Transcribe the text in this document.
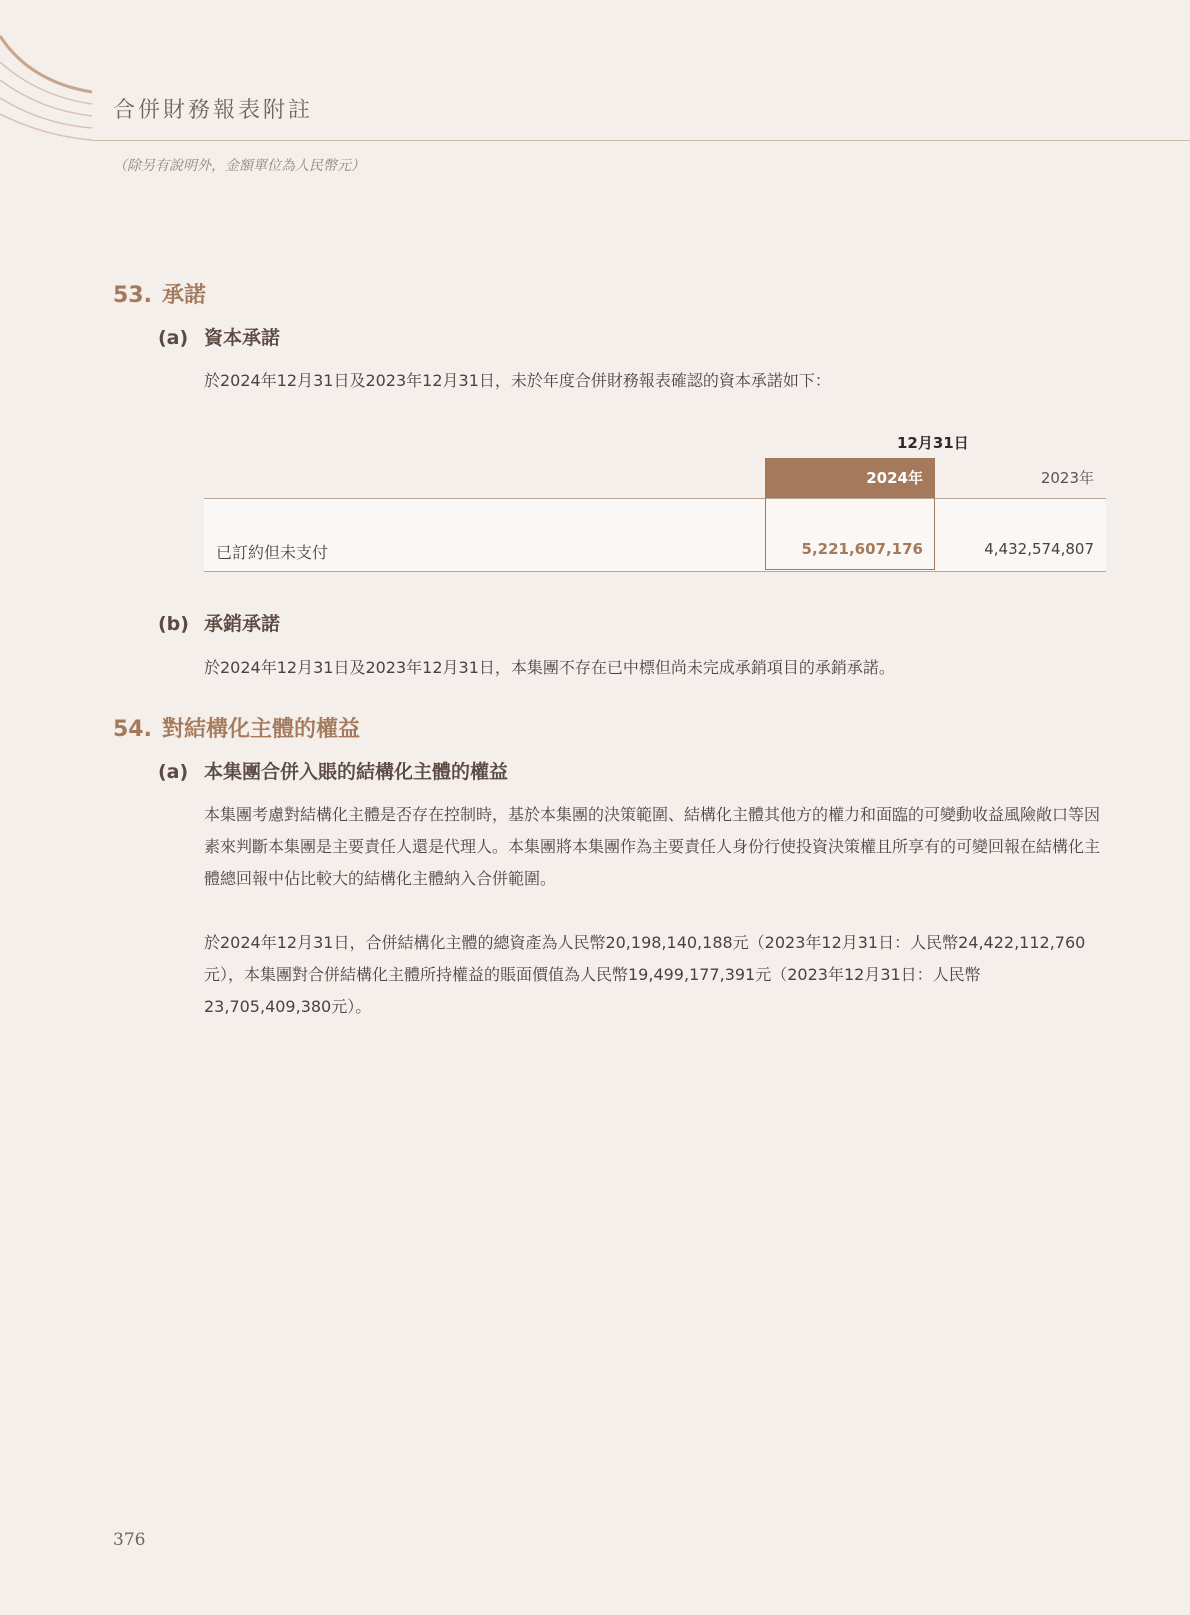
合併財務報表附註
（除另有說明外，金額單位為人民幣元）
53. 承諾
(a) 資本承諾
於2024年12月31日及2023年12月31日，未於年度合併財務報表確認的資本承諾如下：
12月31日
2024年	2023年
已訂約但未支付	5,221,607,176	4,432,574,807
(b) 承銷承諾
於2024年12月31日及2023年12月31日，本集團不存在已中標但尚未完成承銷項目的承銷承諾。
54. 對結構化主體的權益
(a) 本集團合併入賬的結構化主體的權益
本集團考慮對結構化主體是否存在控制時，基於本集團的決策範圍、結構化主體其他方的權力和面臨的可變動收益風險敞口等因素來判斷本集團是主要責任人還是代理人。本集團將本集團作為主要責任人身份行使投資決策權且所享有的可變回報在結構化主體總回報中佔比較大的結構化主體納入合併範圍。
於2024年12月31日，合併結構化主體的總資產為人民幣20,198,140,188元（2023年12月31日：人民幣24,422,112,760元），本集團對合併結構化主體所持權益的賬面價值為人民幣19,499,177,391元（2023年12月31日：人民幣23,705,409,380元）。
376
